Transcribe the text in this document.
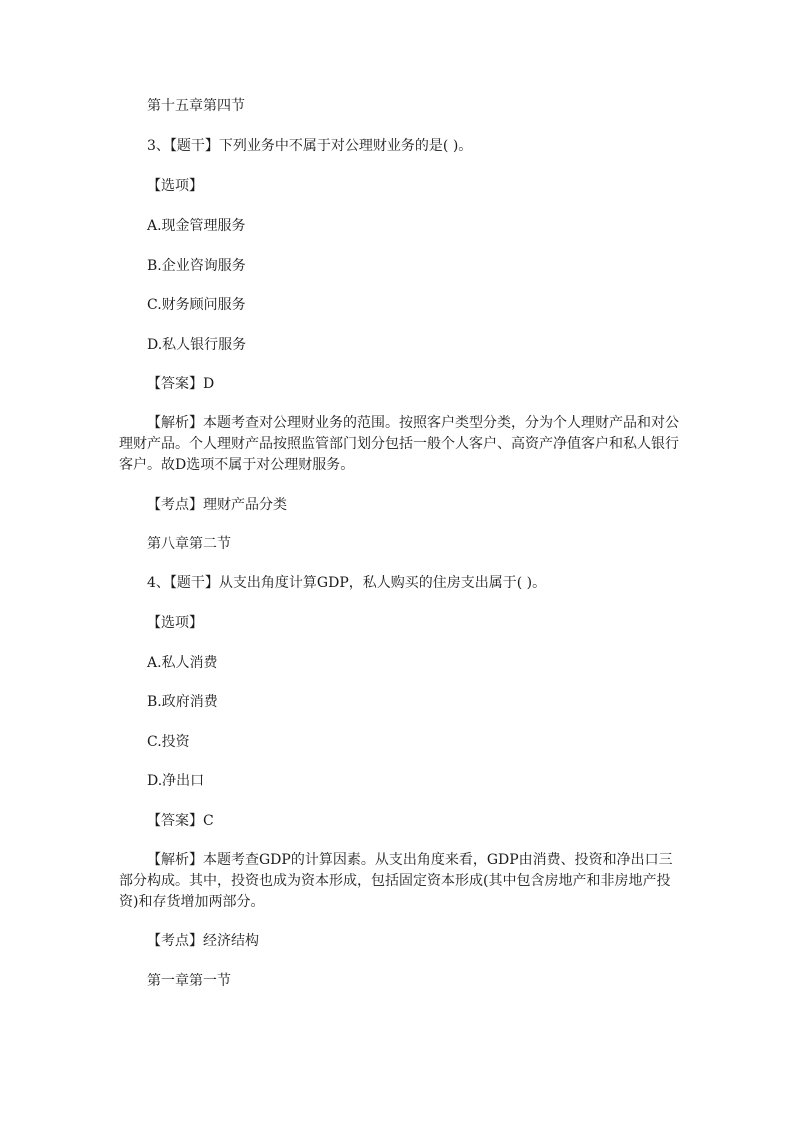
第十五章第四节
3、【题干】下列业务中不属于对公理财业务的是( )。
【选项】
A.现金管理服务
B.企业咨询服务
C.财务顾问服务
D.私人银行服务
【答案】D
【解析】本题考查对公理财业务的范围。按照客户类型分类，分为个人理财产品和对公理财产品。个人理财产品按照监管部门划分包括一般个人客户、高资产净值客户和私人银行客户。故D选项不属于对公理财服务。
【考点】理财产品分类
第八章第二节
4、【题干】从支出角度计算GDP，私人购买的住房支出属于( )。
【选项】
A.私人消费
B.政府消费
C.投资
D.净出口
【答案】C
【解析】本题考查GDP的计算因素。从支出角度来看，GDP由消费、投资和净出口三部分构成。其中，投资也成为资本形成，包括固定资本形成(其中包含房地产和非房地产投资)和存货增加两部分。
【考点】经济结构
第一章第一节
